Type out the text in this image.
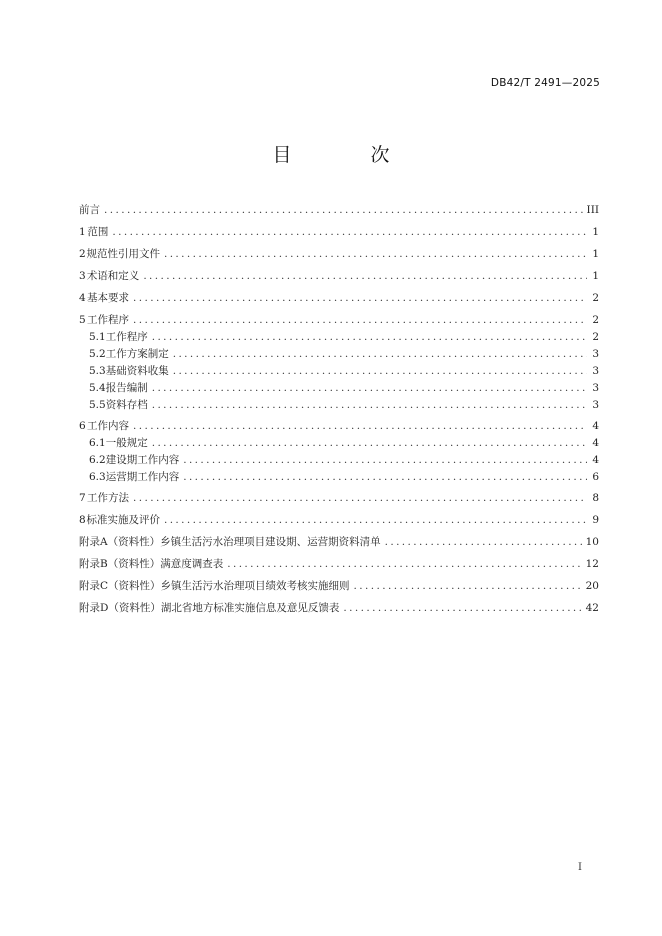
DB42/T 2491—2025
目　次
前言 .....	III
1 范围 .....	1
2 规范性引用文件 .....	1
3 术语和定义 .....	1
4 基本要求 .....	2
5 工作程序 .....	2
5.1 工作程序 .....	2
5.2 工作方案制定 .....	3
5.3 基础资料收集 .....	3
5.4 报告编制 .....	3
5.5 资料存档 .....	3
6 工作内容 .....	4
6.1 一般规定 .....	4
6.2 建设期工作内容 .....	4
6.3 运营期工作内容 .....	6
7 工作方法 .....	8
8 标准实施及评价 .....	9
附录A（资料性） 乡镇生活污水治理项目建设期、运营期资料清单 .....	10
附录B（资料性） 满意度调查表 .....	12
附录C（资料性） 乡镇生活污水治理项目绩效考核实施细则 .....	20
附录D（资料性） 湖北省地方标准实施信息及意见反馈表 .....	42
I
